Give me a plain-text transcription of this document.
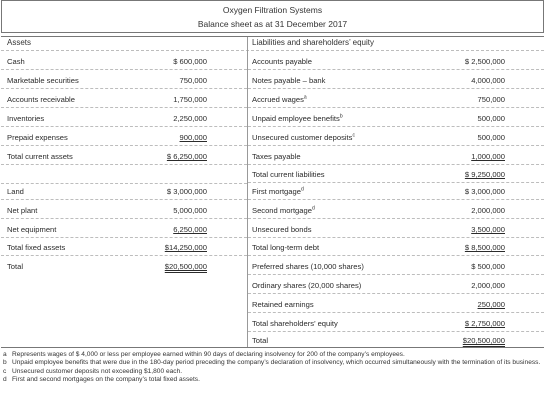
Oxygen Filtration Systems
Balance sheet as at 31 December 2017
Assets	Liabilities and shareholders’ equity
Cash	$ 600,000
Marketable securities	750,000
Accounts receivable	1,750,000
Inventories	2,250,000
Prepaid expenses	900,000
Total current assets	$ 6,250,000
Land	$ 3,000,000
Net plant	5,000,000
Net equipment	6,250,000
Total fixed assets	$14,250,000
Total	$20,500,000
Accounts payable	$ 2,500,000
Notes payable – bank	4,000,000
Accrued wages$^a$	750,000
Unpaid employee benefits$^b$	500,000
Unsecured customer deposits$^c$	500,000
Taxes payable	1,000,000
Total current liabilities	$ 9,250,000
First mortgage$^d$	$ 3,000,000
Second mortgage$^d$	2,000,000
Unsecured bonds	3,500,000
Total long-term debt	$ 8,500,000
Preferred shares (10,000 shares)	$ 500,000
Ordinary shares (20,000 shares)	2,000,000
Retained earnings	250,000
Total shareholders’ equity	$ 2,750,000
Total	$20,500,000
a Represents wages of $ 4,000 or less per employee earned within 90 days of declaring insolvency for 200 of the company’s employees.
b Unpaid employee benefits that were due in the 180-day period preceding the company’s declaration of insolvency, which occurred simultaneously with the termination of its business.
c Unsecured customer deposits not exceeding $1,800 each.
d First and second mortgages on the company’s total fixed assets.
